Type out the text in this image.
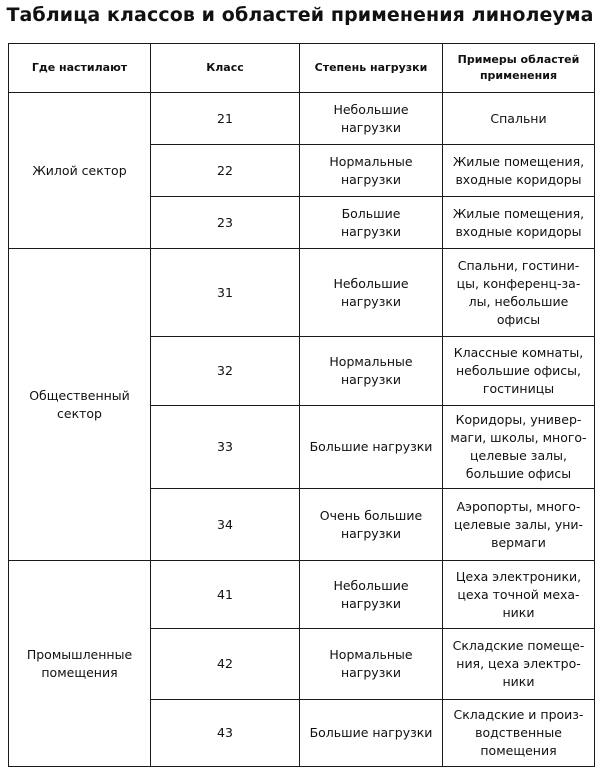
Таблица классов и областей применения линолеума
Где настилают	Класс	Степень нагрузки	Примеры областей
применения
Жилой сектор	21	Небольшие
нагрузки	Спальни
	22	Нормальные
нагрузки	Жилые помещения,
входные коридоры
	23	Большие
нагрузки	Жилые помещения,
входные коридоры
Общественный
сектор	31	Небольшие
нагрузки	Спальни, гостини-
цы, конференц-за-
лы, небольшие
офисы
	32	Нормальные
нагрузки	Классные комнаты,
небольшие офисы,
гостиницы
	33	Большие нагрузки	Коридоры, универ-
маги, школы, много-
целевые залы,
большие офисы
	34	Очень большие
нагрузки	Аэропорты, много-
целевые залы, уни-
вермаги
Промышленные
помещения	41	Небольшие
нагрузки	Цеха электроники,
цеха точной меха-
ники
	42	Нормальные
нагрузки	Складские помеще-
ния, цеха электро-
ники
	43	Большие нагрузки	Складские и произ-
водственные
помещения
